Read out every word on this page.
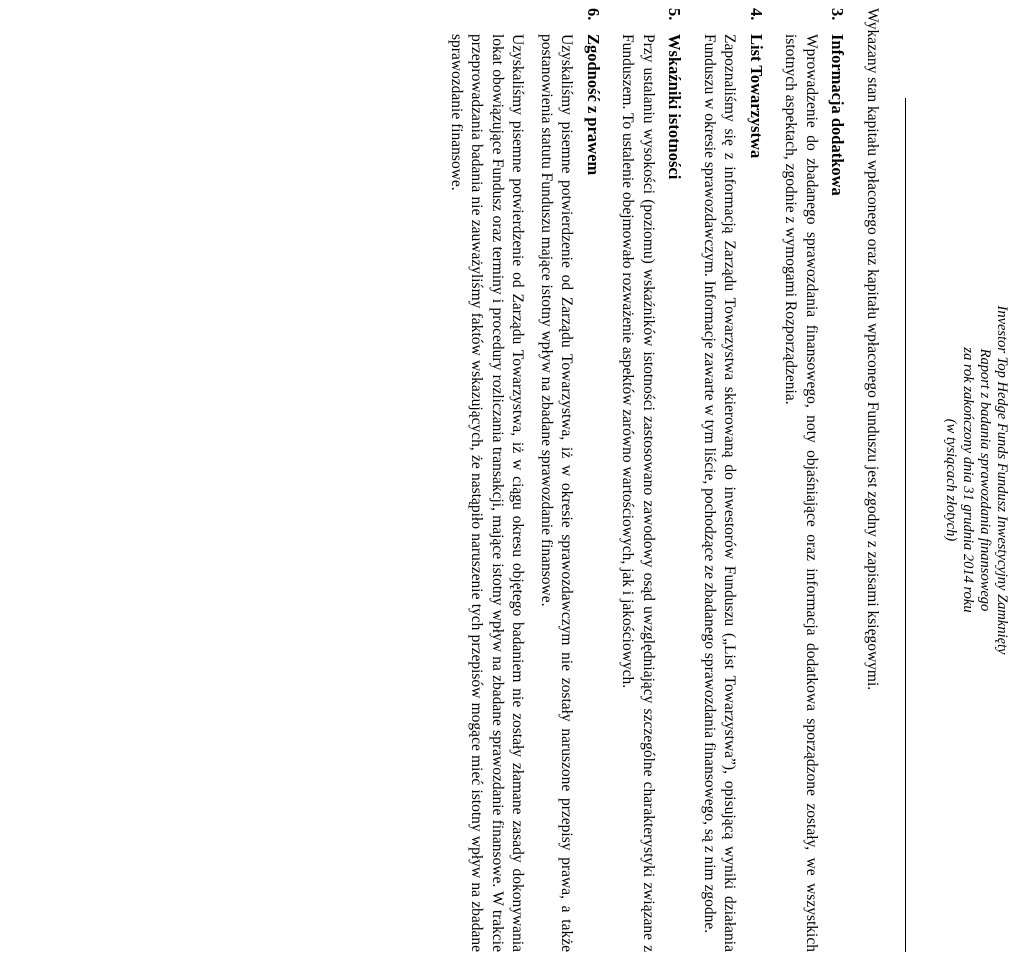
Investor Top Hedge Funds Fundusz Inwestycyjny Zamknięty
Raport z badania sprawozdania finansowego
za rok zakończony dnia 31 grudnia 2014 roku
(w tysiącach złotych)

Wykazany stan kapitału wpłaconego oraz kapitału wpłaconego Funduszu jest zgodny z zapisami księgowymi.

3.
Informacja dodatkowa

Wprowadzenie do zbadanego sprawozdania finansowego, noty objaśniające oraz informacja dodatkowa sporządzone zostały, we wszystkich istotnych aspektach, zgodnie z wymogami Rozporządzenia.

4.
List Towarzystwa

Zapoznaliśmy się z informacją Zarządu Towarzystwa skierowaną do inwestorów Funduszu („List Towarzystwa”), opisującą wyniki działania Funduszu w okresie sprawozdawczym. Informacje zawarte w tym liście, pochodzące ze zbadanego sprawozdania finansowego, są z nim zgodne.

5.
Wskaźniki istotności

Przy ustalaniu wysokości (poziomu) wskaźników istotności zastosowano zawodowy osąd uwzględniający szczególne charakterystyki związane z Funduszem. To ustalenie obejmowało rozważenie aspektów zarówno wartościowych, jak i jakościowych.

6.
Zgodność z prawem

Uzyskaliśmy pisemne potwierdzenie od Zarządu Towarzystwa, iż w okresie sprawozdawczym nie zostały naruszone przepisy prawa, a także postanowienia statutu Funduszu mające istotny wpływ na zbadane sprawozdanie finansowe.

Uzyskaliśmy pisemne potwierdzenie od Zarządu Towarzystwa, iż w ciągu okresu objętego badaniem nie zostały złamane zasady dokonywania lokat obowiązujące Fundusz oraz terminy i procedury rozliczania transakcji, mające istotny wpływ na zbadane sprawozdanie finansowe. W trakcie przeprowadzania badania nie zauważyliśmy faktów wskazujących, że nastąpiło naruszenie tych przepisów mogące mieć istotny wpływ na zbadane sprawozdanie finansowe.
